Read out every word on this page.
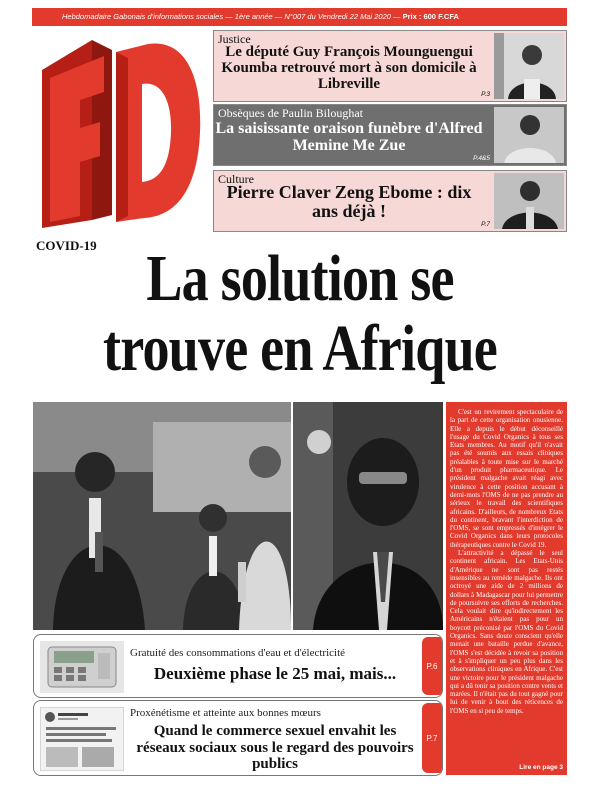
Hebdomadaire Gabonais d'informations sociales — 1ère année — N°007 du Vendredi 22 Mai 2020 — Prix : 600 F.CFA
Justice
Le député Guy François Mounguengui Koumba retrouvé mort à son domicile à Libreville
P.3
Obsèques de Paulin Biloughat
La saisissante oraison funèbre d'Alfred Memine Me Zue
P.4&5
Culture
Pierre Claver Zeng Ebome : dix ans déjà !
P.7
COVID-19 La solution se
trouve en Afrique

C'est un revirement spectaculaire de la part de cette organisation onusienne. Elle a depuis le début déconseillé l'usage du Covid Organics à tous ses Etats membres. Au motif qu'il n'avait pas été soumis aux essais cliniques préalables à toute mise sur le marché d'un produit pharmaceutique. Le président malgache avait réagi avec virulence à cette position accusant à demi-mots l'OMS de ne pas prendre au sérieux le travail des scientifiques africains. D'ailleurs, de nombreux Etats du continent, bravant l'interdiction de l'OMS, se sont empressés d'intégrer le Covid Organics dans leurs protocoles thérapeutiques contre le Covid 19.

L'attractivité a dépassé le seul continent africain. Les Etats-Unis d'Amérique ne sont pas restés insensibles au remède malgache. Ils ont octroyé une aide de 2 millions de dollars à Madagascar pour lui permettre de poursuivre ses efforts de recherches. Cela voulait dire qu'indirectement les Américains n'étaient pas pour un boycott préconisé par l'OMS du Covid Organics. Sans doute conscient qu'elle menait une bataille perdue d'avance, l'OMS s'est décidée à revoir sa position et à s'impliquer un peu plus dans les observations cliniques en Afrique. C'est une victoire pour le président malgache qui a dû tenir sa position contre vents et marées. Il n'était pas du tout gagné pour lui de venir à bout des réticences de l'OMS en si peu de temps.

Lire en page 3
Gratuité des consommations d'eau et d'électricité
Deuxième phase le 25 mai, mais...	P.6
Proxénétisme et atteinte aux bonnes mœurs
Quand le commerce sexuel envahit les réseaux sociaux sous le regard des pouvoirs publics
P.7
